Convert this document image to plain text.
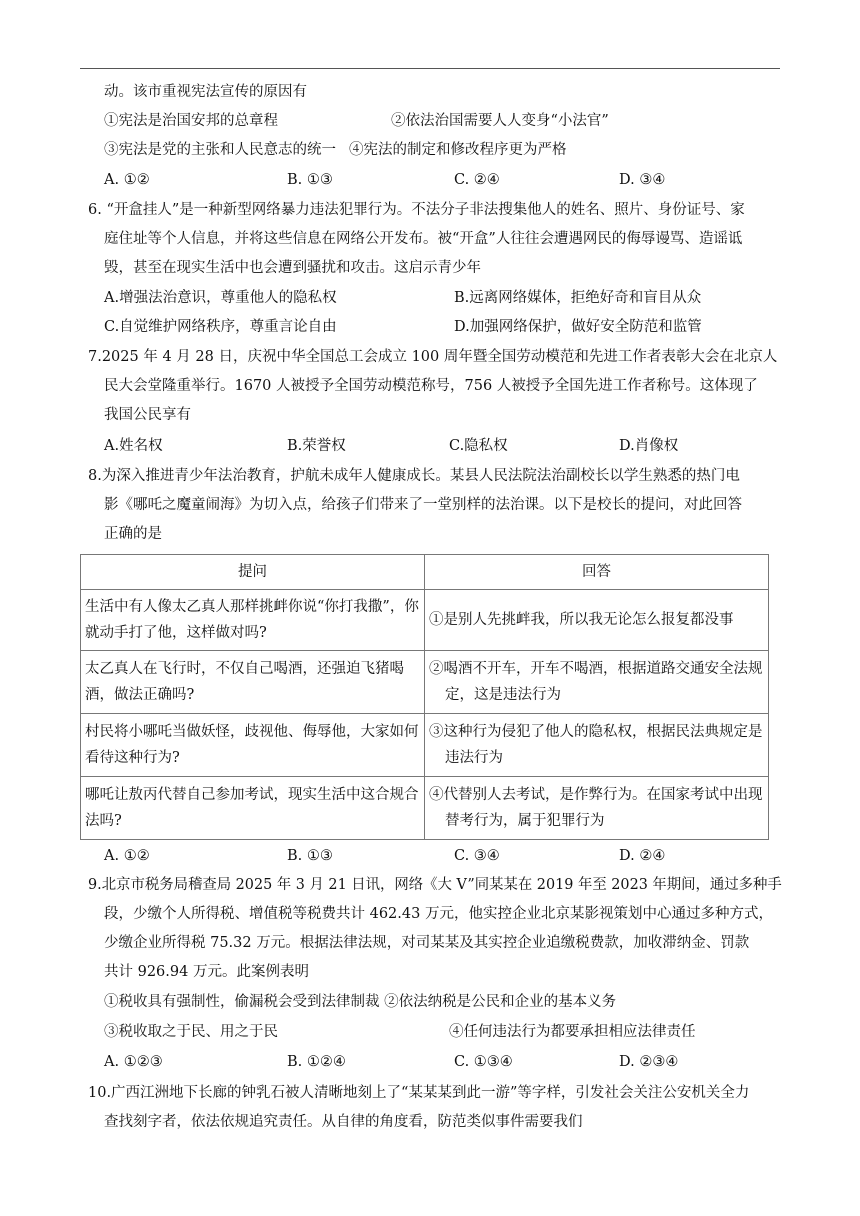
动。该市重视宪法宣传的原因有
①宪法是治国安邦的总章程	②依法治国需要人人变身“小法官”
③宪法是党的主张和人民意志的统一 ④宪法的制定和修改程序更为严格
A. ①②	B. ①③	C. ②④	D. ③④
6. “开盒挂人”是一种新型网络暴力违法犯罪行为。不法分子非法搜集他人的姓名、照片、身份证号、家
庭住址等个人信息，并将这些信息在网络公开发布。被“开盒”人往往会遭遇网民的侮辱谩骂、造谣诋
毁，甚至在现实生活中也会遭到骚扰和攻击。这启示青少年
A.增强法治意识，尊重他人的隐私权	B.远离网络媒体，拒绝好奇和盲目从众
C.自觉维护网络秩序，尊重言论自由	D.加强网络保护，做好安全防范和监管
7.2025 年 4 月 28 日，庆祝中华全国总工会成立 100 周年暨全国劳动模范和先进工作者表彰大会在北京人
民大会堂隆重举行。1670 人被授予全国劳动模范称号，756 人被授予全国先进工作者称号。这体现了
我国公民享有
A.姓名权	B.荣誉权	C.隐私权	D.肖像权
8.为深入推进青少年法治教育，护航未成年人健康成长。某县人民法院法治副校长以学生熟悉的热门电
影《哪吒之魔童闹海》为切入点，给孩子们带来了一堂别样的法治课。以下是校长的提问，对此回答
正确的是
提问	回答
生活中有人像太乙真人那样挑衅你说“你打我撒”，你就动手打了他，这样做对吗?	①是别人先挑衅我，所以我无论怎么报复都没事

太乙真人在飞行时，不仅自己喝酒，还强迫飞猪喝酒，做法正确吗?	②喝酒不开车，开车不喝酒，根据道路交通安全法规定，这是违法行为

村民将小哪吒当做妖怪，歧视他、侮辱他，大家如何看待这种行为?	③这种行为侵犯了他人的隐私权，根据民法典规定是违法行为

哪吒让敖丙代替自己参加考试，现实生活中这合规合法吗?	④代替别人去考试，是作弊行为。在国家考试中出现替考行为，属于犯罪行为
A. ①②	B. ①③	C. ③④	D. ②④
9.北京市税务局稽查局 2025 年 3 月 21 日讯，网络《大 V”同某某在 2019 年至 2023 年期间，通过多种手
段，少缴个人所得税、增值税等税费共计 462.43 万元，他实控企业北京某影视策划中心通过多种方式，
少缴企业所得税 75.32 万元。根据法律法规，对司某某及其实控企业追缴税费款，加收滞纳金、罚款
共计 926.94 万元。此案例表明
①税收具有强制性，偷漏税会受到法律制裁 ②依法纳税是公民和企业的基本义务
③税收取之于民、用之于民	④任何违法行为都要承担相应法律责任
A. ①②③	B. ①②④	C. ①③④	D. ②③④
10.广西江洲地下长廊的钟乳石被人清晰地刻上了“某某某到此一游”等字样，引发社会关注公安机关全力
查找刻字者，依法依规追究责任。从自律的角度看，防范类似事件需要我们
